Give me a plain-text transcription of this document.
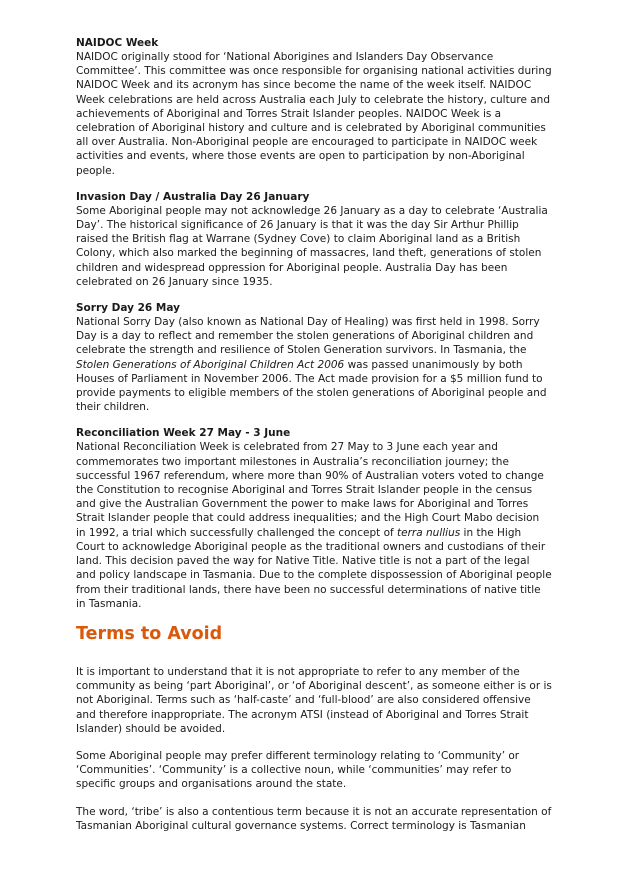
NAIDOC Week

NAIDOC originally stood for ‘National Aborigines and Islanders Day Observance Committee’. This committee was once responsible for organising national activities during NAIDOC Week and its acronym has since become the name of the week itself. NAIDOC Week celebrations are held across Australia each July to celebrate the history, culture and achievements of Aboriginal and Torres Strait Islander peoples. NAIDOC Week is a celebration of Aboriginal history and culture and is celebrated by Aboriginal communities all over Australia. Non-Aboriginal people are encouraged to participate in NAIDOC week activities and events, where those events are open to participation by non-Aboriginal people.

Invasion Day / Australia Day 26 January

Some Aboriginal people may not acknowledge 26 January as a day to celebrate ‘Australia Day’. The historical significance of 26 January is that it was the day Sir Arthur Phillip raised the British flag at Warrane (Sydney Cove) to claim Aboriginal land as a British Colony, which also marked the beginning of massacres, land theft, generations of stolen children and widespread oppression for Aboriginal people. Australia Day has been celebrated on 26 January since 1935.

Sorry Day 26 May

National Sorry Day (also known as National Day of Healing) was first held in 1998. Sorry Day is a day to reflect and remember the stolen generations of Aboriginal children and celebrate the strength and resilience of Stolen Generation survivors. In Tasmania, the Stolen Generations of Aboriginal Children Act 2006 was passed unanimously by both Houses of Parliament in November 2006. The Act made provision for a $5 million fund to provide payments to eligible members of the stolen generations of Aboriginal people and their children.

Reconciliation Week 27 May - 3 June

National Reconciliation Week is celebrated from 27 May to 3 June each year and commemorates two important milestones in Australia’s reconciliation journey; the successful 1967 referendum, where more than 90% of Australian voters voted to change the Constitution to recognise Aboriginal and Torres Strait Islander people in the census and give the Australian Government the power to make laws for Aboriginal and Torres Strait Islander people that could address inequalities; and the High Court Mabo decision in 1992, a trial which successfully challenged the concept of terra nullius in the High Court to acknowledge Aboriginal people as the traditional owners and custodians of their land. This decision paved the way for Native Title. Native title is not a part of the legal and policy landscape in Tasmania. Due to the complete dispossession of Aboriginal people from their traditional lands, there have been no successful determinations of native title in Tasmania.

Terms to Avoid

It is important to understand that it is not appropriate to refer to any member of the community as being ‘part Aboriginal’, or ‘of Aboriginal descent’, as someone either is or is not Aboriginal. Terms such as ‘half-caste’ and ‘full-blood’ are also considered offensive and therefore inappropriate. The acronym ATSI (instead of Aboriginal and Torres Strait Islander) should be avoided.

Some Aboriginal people may prefer different terminology relating to ‘Community’ or ‘Communities’. ‘Community’ is a collective noun, while ‘communities’ may refer to specific groups and organisations around the state.

The word, ‘tribe’ is also a contentious term because it is not an accurate representation of Tasmanian Aboriginal cultural governance systems. Correct terminology is Tasmanian
